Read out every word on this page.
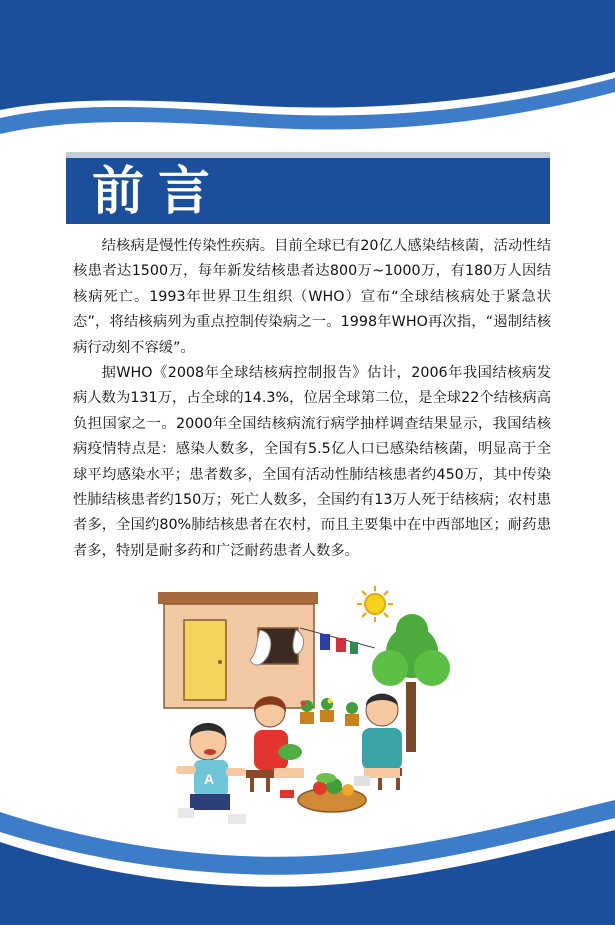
前言

结核病是慢性传染性疾病。目前全球已有20亿人感染结核菌，活动性结核患者达1500万，每年新发结核患者达800万~1000万，有180万人因结核病死亡。1993年世界卫生组织（WHO）宣布“全球结核病处于紧急状态”，将结核病列为重点控制传染病之一。1998年WHO再次指，“遏制结核病行动刻不容缓”。

据WHO《2008年全球结核病控制报告》估计，2006年我国结核病发病人数为131万，占全球的14.3%，位居全球第二位，是全球22个结核病高负担国家之一。2000年全国结核病流行病学抽样调查结果显示，我国结核病疫情特点是：感染人数多，全国有5.5亿人口已感染结核菌，明显高于全球平均感染水平；患者数多，全国有活动性肺结核患者约450万，其中传染性肺结核患者约150万；死亡人数多，全国约有13万人死于结核病；农村患者多，全国约80%肺结核患者在农村，而且主要集中在中西部地区；耐药患者多，特别是耐多药和广泛耐药患者人数多。

A
